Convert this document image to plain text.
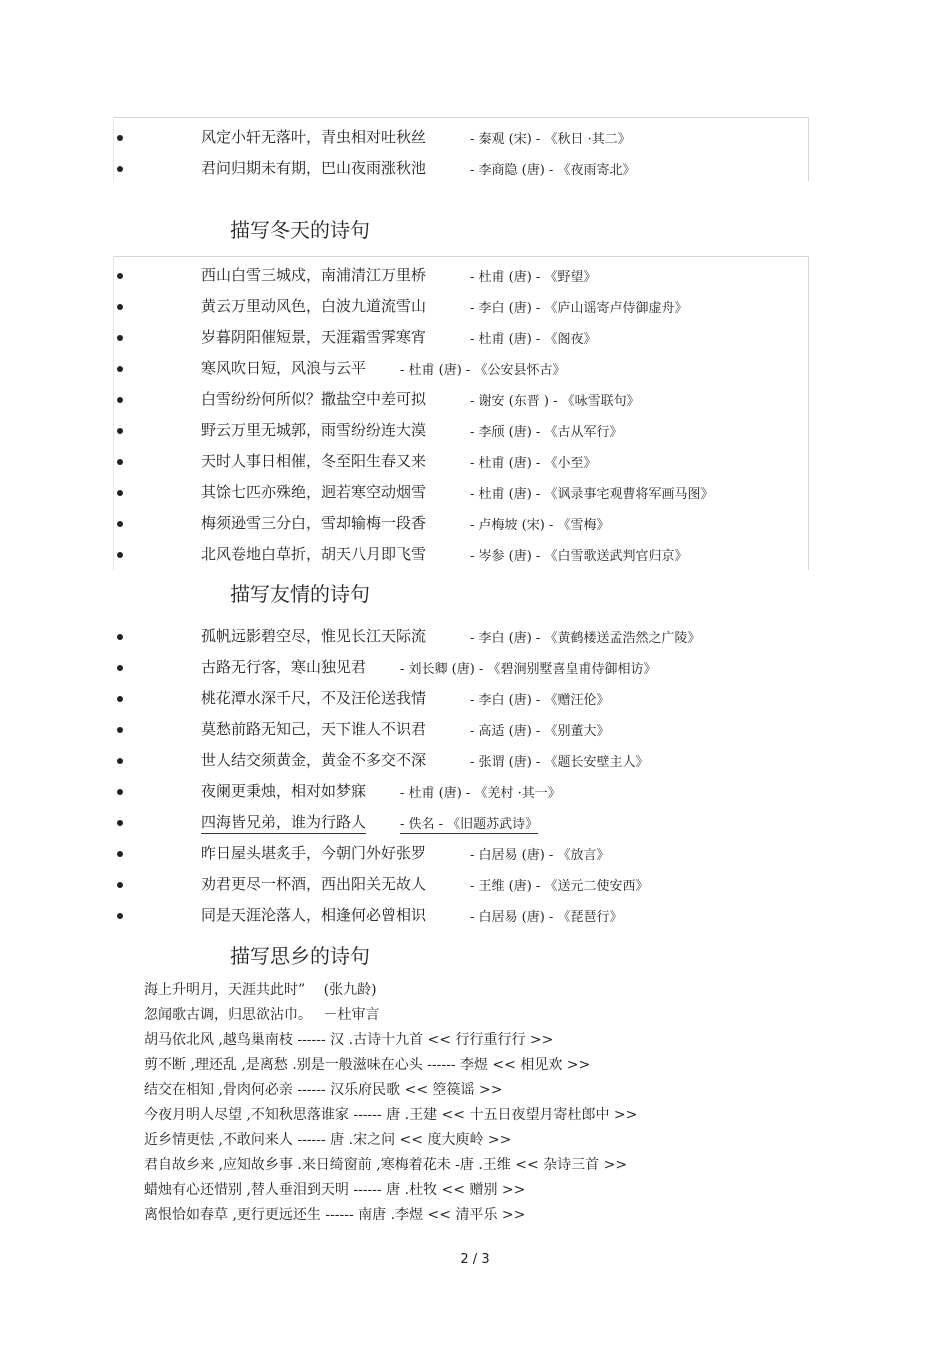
风定小轩无落叶，青虫相对吐秋丝	- 秦观 (宋) - 《秋日 ·其二》
君问归期未有期，巴山夜雨涨秋池	- 李商隐 (唐) - 《夜雨寄北》
描写冬天的诗句
西山白雪三城戍，南浦清江万里桥	- 杜甫 (唐) - 《野望》
黄云万里动风色，白波九道流雪山	- 李白 (唐) - 《庐山谣寄卢侍御虚舟》
岁暮阴阳催短景，天涯霜雪霁寒宵	- 杜甫 (唐) - 《阁夜》
寒风吹日短，风浪与云平	- 杜甫 (唐) - 《公安县怀古》
白雪纷纷何所似？撒盐空中差可拟	- 谢安 (东晋 ) - 《咏雪联句》
野云万里无城郭，雨雪纷纷连大漠	- 李颀 (唐) - 《古从军行》
天时人事日相催，冬至阳生春又来	- 杜甫 (唐) - 《小至》
其馀七匹亦殊绝，迥若寒空动烟雪	- 杜甫 (唐) - 《讽录事宅观曹将军画马图》
梅须逊雪三分白，雪却输梅一段香	- 卢梅坡 (宋) - 《雪梅》
北风卷地白草折，胡天八月即飞雪	- 岑参 (唐) - 《白雪歌送武判官归京》
描写友情的诗句
孤帆远影碧空尽，惟见长江天际流	- 李白 (唐) - 《黄鹤楼送孟浩然之广陵》
古路无行客，寒山独见君	- 刘长卿 (唐) - 《碧涧别墅喜皇甫侍御相访》
桃花潭水深千尺，不及汪伦送我情	- 李白 (唐) - 《赠汪伦》
莫愁前路无知己，天下谁人不识君	- 高适 (唐) - 《别董大》
世人结交须黄金，黄金不多交不深	- 张谓 (唐) - 《题长安壁主人》
夜阑更秉烛，相对如梦寐	- 杜甫 (唐) - 《羌村 ·其一》
四海皆兄弟，谁为行路人	- 佚名 - 《旧题苏武诗》
昨日屋头堪炙手，今朝门外好张罗	- 白居易 (唐) - 《放言》
劝君更尽一杯酒，西出阳关无故人	- 王维 (唐) - 《送元二使安西》
同是天涯沦落人，相逢何必曾相识	- 白居易 (唐) - 《琵琶行》
描写思乡的诗句
海上升明月，天涯共此时”　 (张九龄)
忽闻歌古调，归思欲沾巾。　 －杜审言
胡马依北风 ,越鸟巢南枝 ------ 汉 .古诗十九首 << 行行重行行 >>
剪不断 ,理还乱 ,是离愁 .别是一般滋味在心头 ------ 李煜 << 相见欢 >>
结交在相知 ,骨肉何必亲 ------ 汉乐府民歌 << 箜篌谣 >>
今夜月明人尽望 ,不知秋思落谁家 ------ 唐 .王建 << 十五日夜望月寄杜郎中 >>
近乡情更怯 ,不敢问来人 ------ 唐 .宋之问 << 度大庾岭 >>
君自故乡来 ,应知故乡事 .来日绮窗前 ,寒梅着花未 -唐 .王维 << 杂诗三首 >>
蜡烛有心还惜别 ,替人垂泪到天明 ------ 唐 .杜牧 << 赠别 >>
离恨恰如春草 ,更行更远还生 ------ 南唐 .李煜 << 清平乐 >>
2 / 3
